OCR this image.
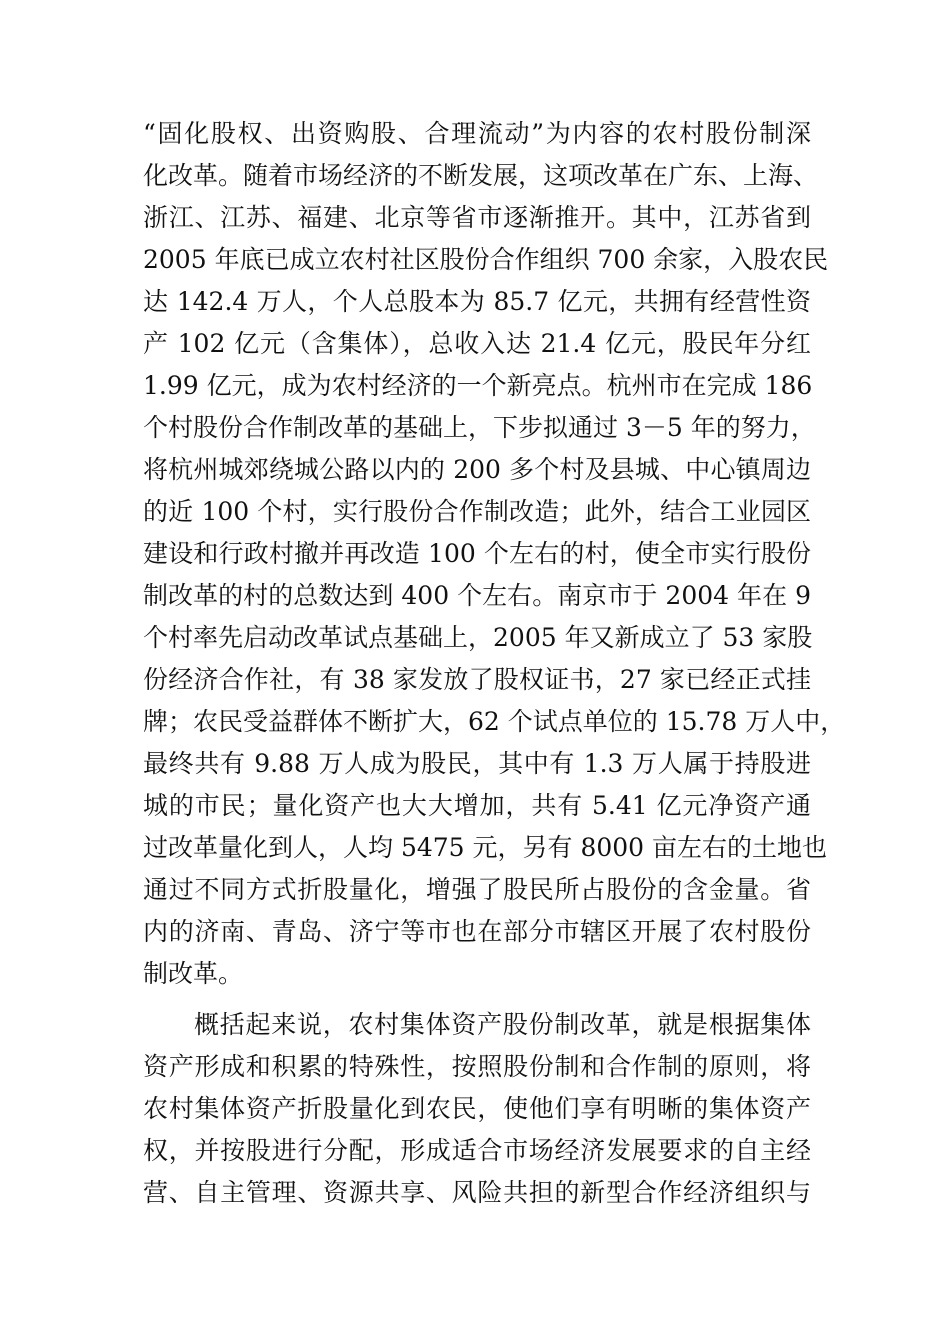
“固化股权、出资购股、合理流动”为内容的农村股份制深
化改革。随着市场经济的不断发展，这项改革在广东、上海、
浙江、江苏、福建、北京等省市逐渐推开。其中，江苏省到
2005 年底已成立农村社区股份合作组织 700 余家，入股农民
达 142.4 万人，个人总股本为 85.7 亿元，共拥有经营性资
产 102 亿元（含集体），总收入达 21.4 亿元，股民年分红
1.99 亿元，成为农村经济的一个新亮点。杭州市在完成 186
个村股份合作制改革的基础上，下步拟通过 3－5 年的努力，
将杭州城郊绕城公路以内的 200 多个村及县城、中心镇周边
的近 100 个村，实行股份合作制改造；此外，结合工业园区
建设和行政村撤并再改造 100 个左右的村，使全市实行股份
制改革的村的总数达到 400 个左右。南京市于 2004 年在 9
个村率先启动改革试点基础上，2005 年又新成立了 53 家股
份经济合作社，有 38 家发放了股权证书，27 家已经正式挂
牌；农民受益群体不断扩大，62 个试点单位的 15.78 万人中，
最终共有 9.88 万人成为股民，其中有 1.3 万人属于持股进
城的市民；量化资产也大大增加，共有 5.41 亿元净资产通
过改革量化到人，人均 5475 元，另有 8000 亩左右的土地也
通过不同方式折股量化，增强了股民所占股份的含金量。省
内的济南、青岛、济宁等市也在部分市辖区开展了农村股份
制改革。
概括起来说，农村集体资产股份制改革，就是根据集体
资产形成和积累的特殊性，按照股份制和合作制的原则，将
农村集体资产折股量化到农民，使他们享有明晰的集体资产
权，并按股进行分配，形成适合市场经济发展要求的自主经
营、自主管理、资源共享、风险共担的新型合作经济组织与
